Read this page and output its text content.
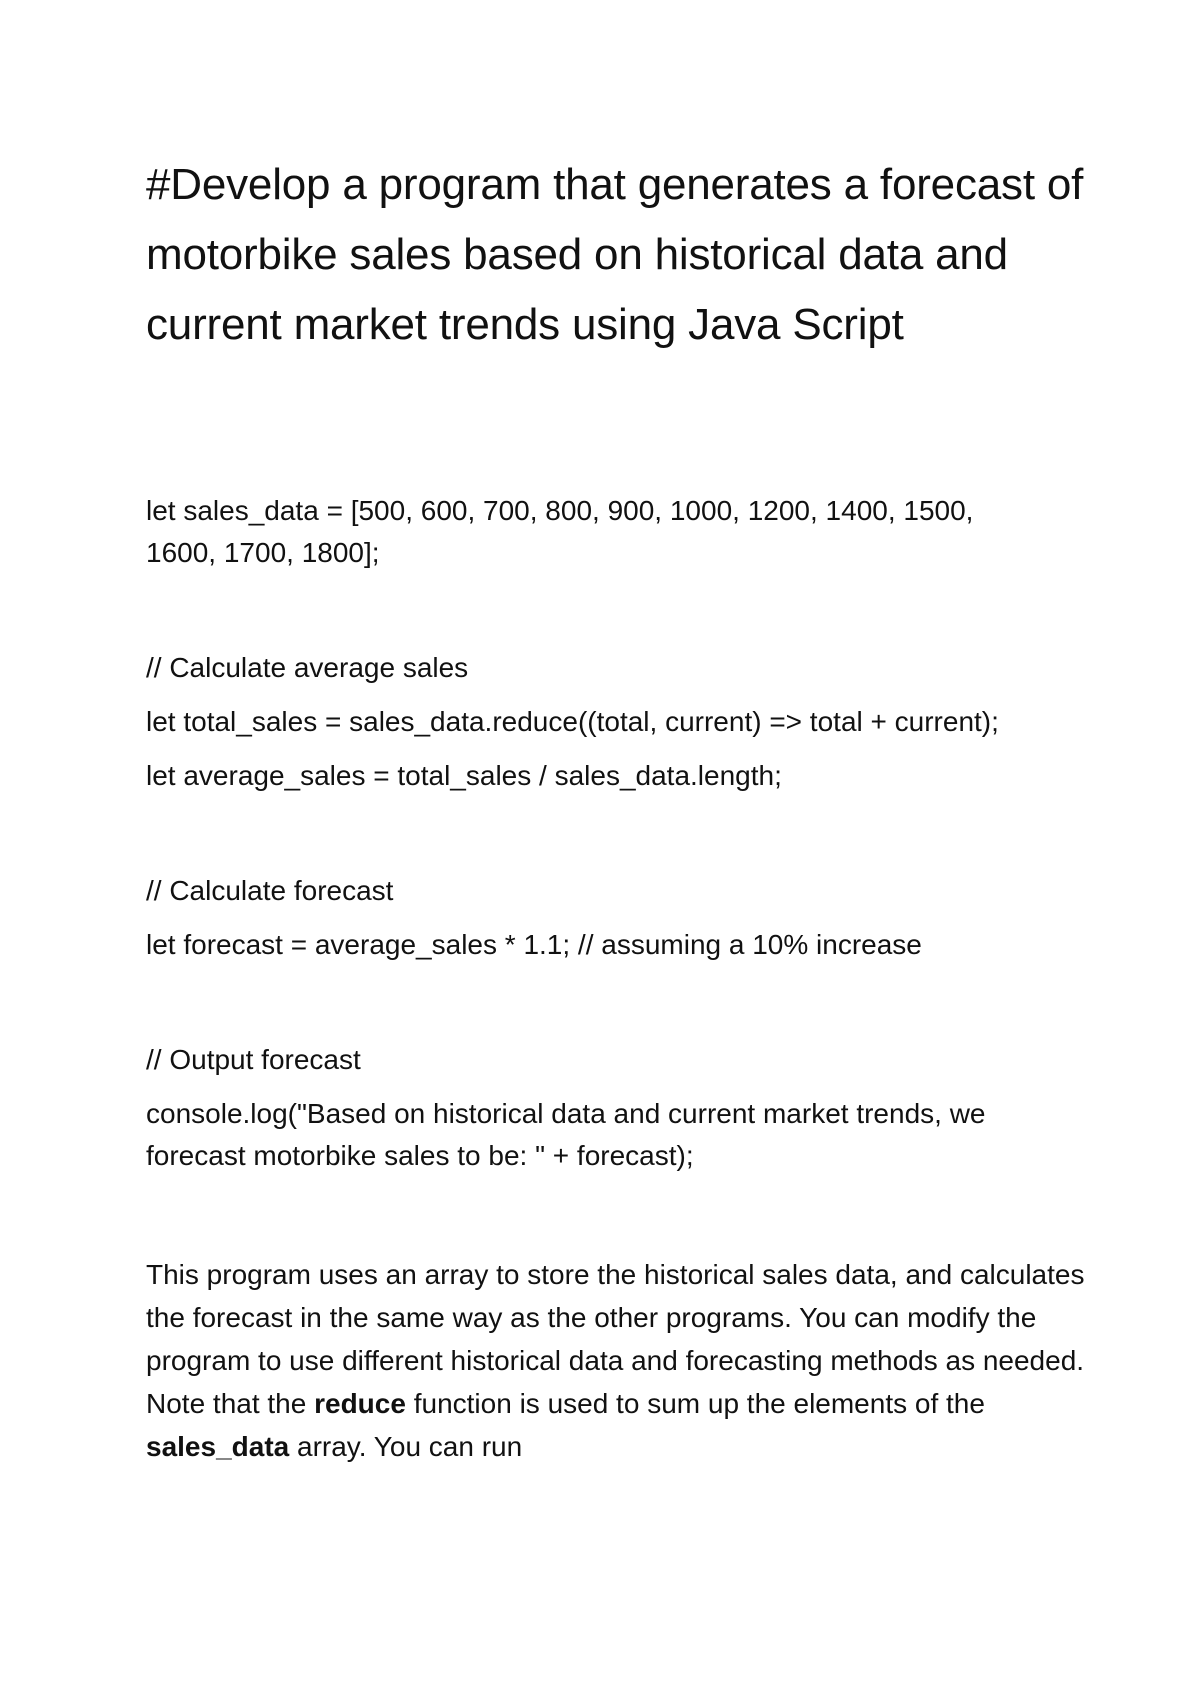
#Develop a program that generates a forecast of motorbike sales based on historical data and current market trends using Java Script
let sales_data = [500, 600, 700, 800, 900, 1000, 1200, 1400, 1500,
1600, 1700, 1800];
// Calculate average sales
let total_sales = sales_data.reduce((total, current) => total + current);
let average_sales = total_sales / sales_data.length;
// Calculate forecast
let forecast = average_sales * 1.1; // assuming a 10% increase
// Output forecast
console.log("Based on historical data and current market trends, we
forecast motorbike sales to be: " + forecast);

This program uses an array to store the historical sales data, and calculates the forecast in the same way as the other programs. You can modify the program to use different historical data and forecasting methods as needed. Note that the reduce function is used to sum up the elements of the sales_data array. You can run
